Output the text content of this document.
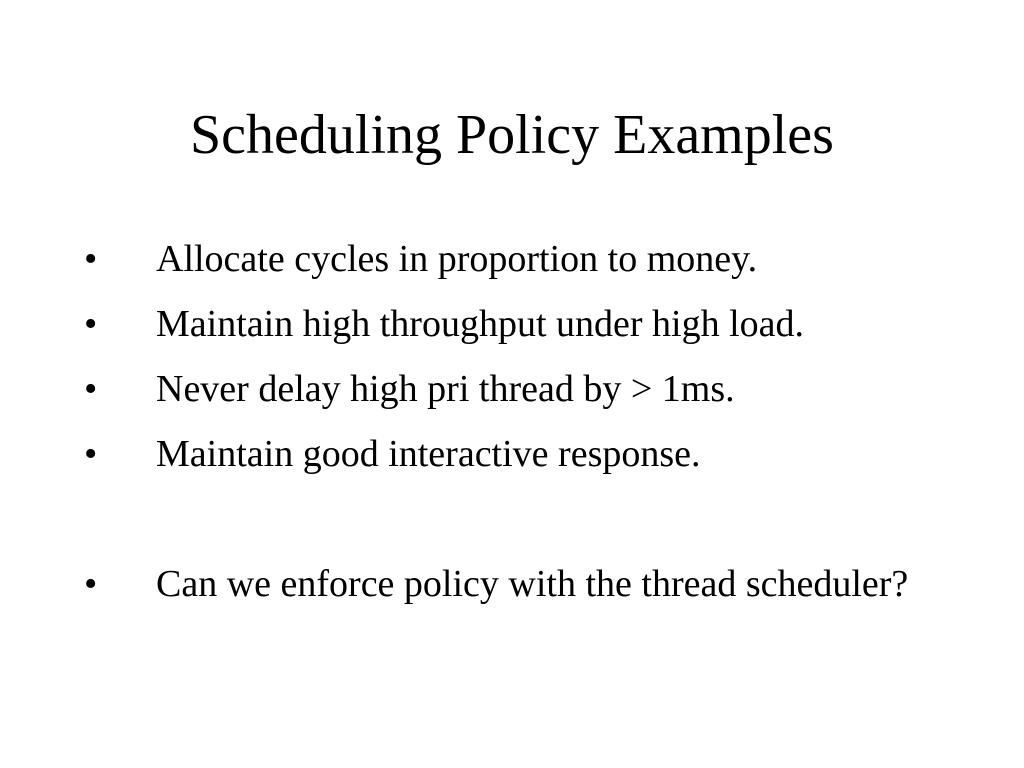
Scheduling Policy Examples
• Allocate cycles in proportion to money.
• Maintain high throughput under high load.
• Never delay high pri thread by > 1ms.
• Maintain good interactive response.
• Can we enforce policy with the thread scheduler?
